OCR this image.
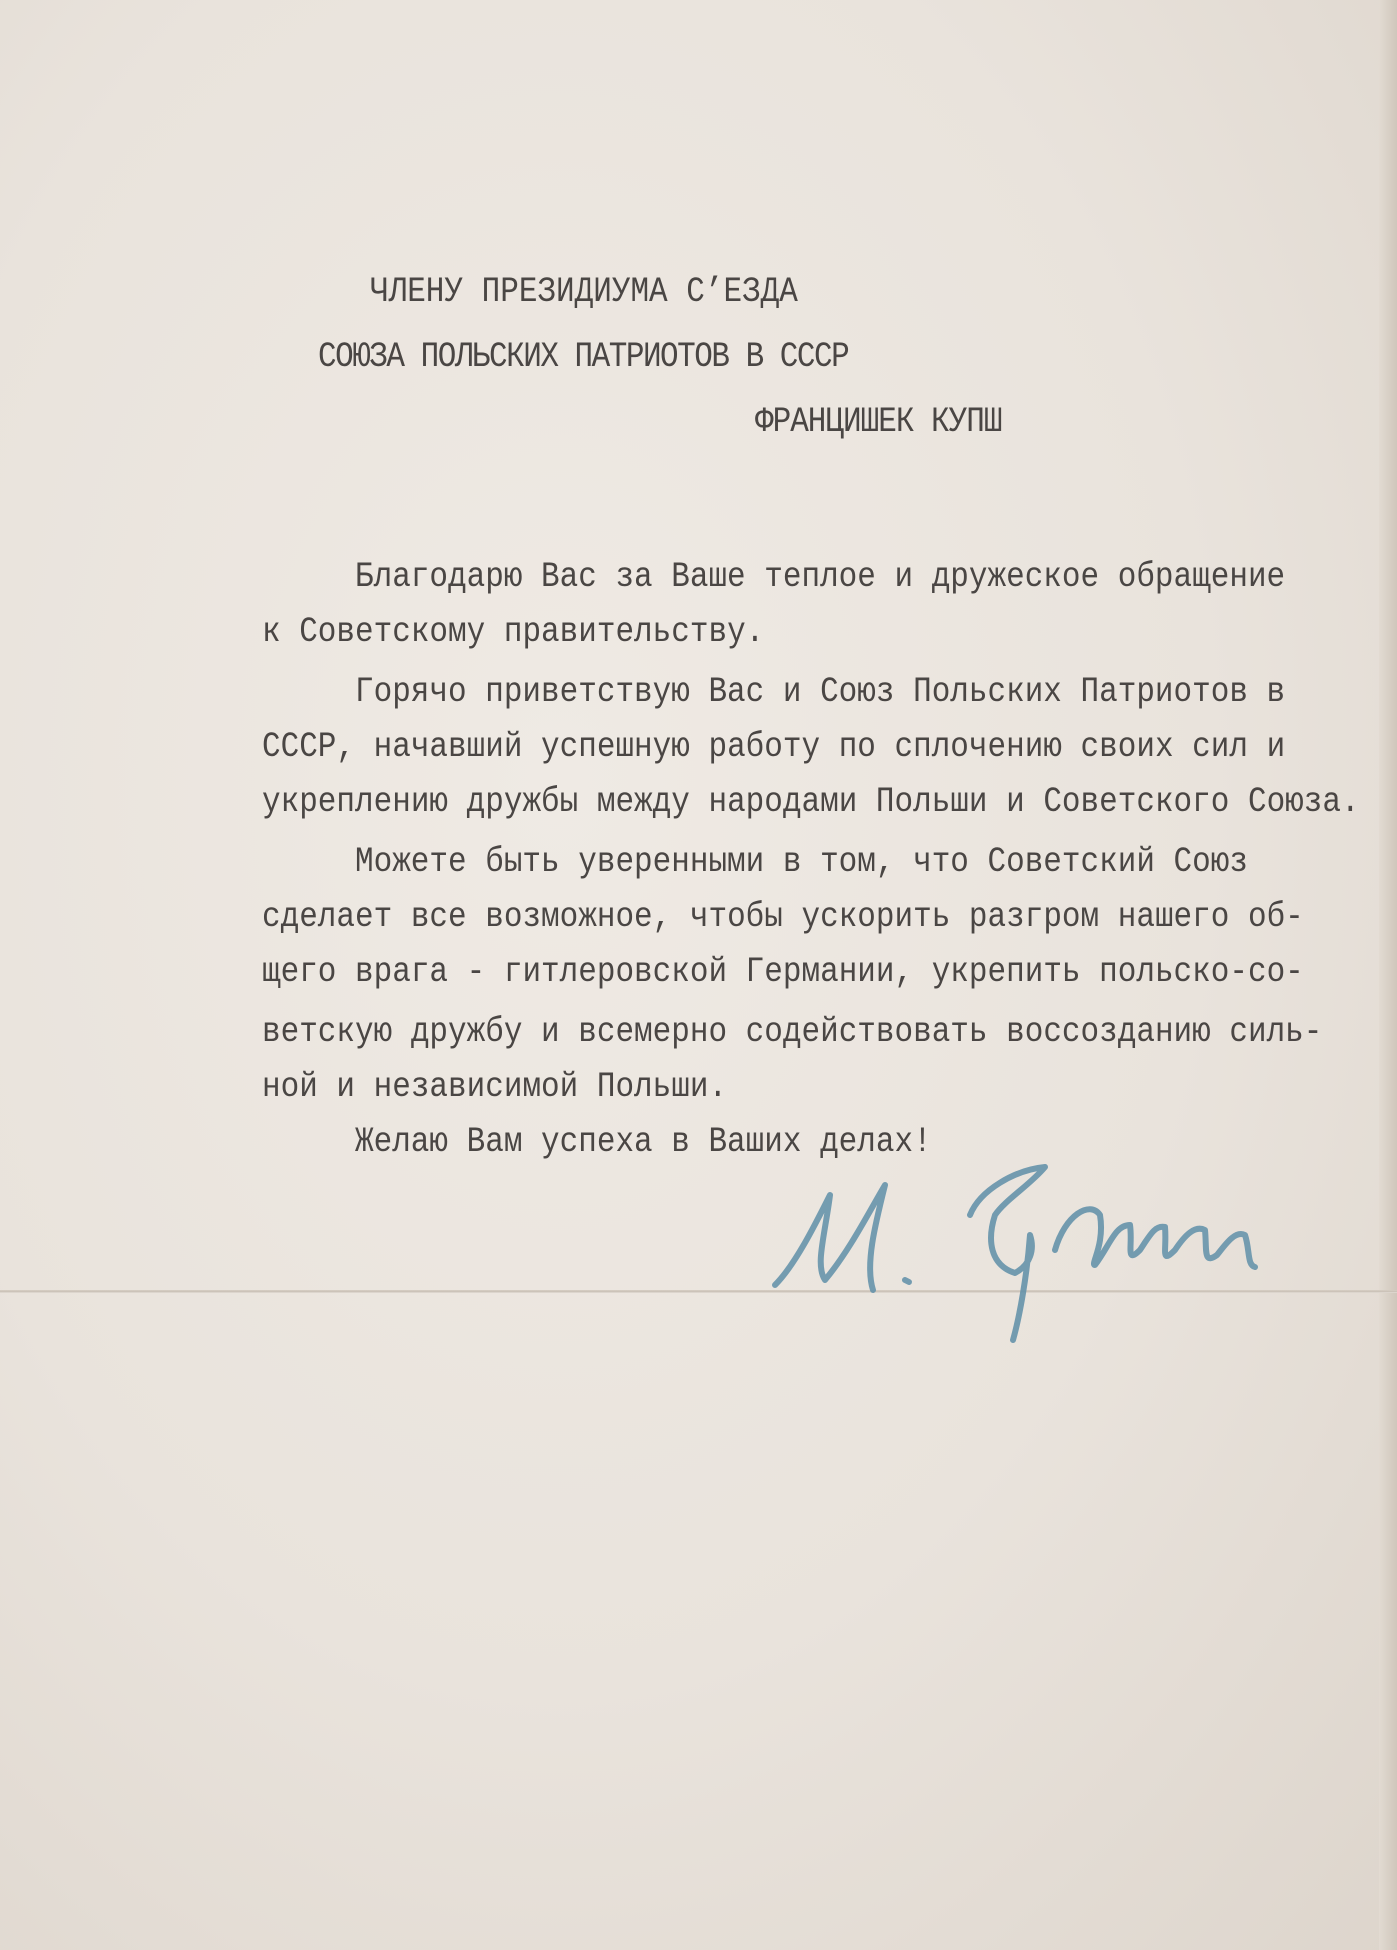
ЧЛЕНУ ПРЕЗИДИУМА С’ЕЗДА
СОЮЗА ПОЛЬСКИХ ПАТРИОТОВ В СССР
ФРАНЦИШЕК КУПШ
Благодарю Вас за Ваше теплое и дружеское обращение
к Советскому правительству.
Горячо приветствую Вас и Союз Польских Патриотов в
СССР, начавший успешную работу по сплочению своих сил и
укреплению дружбы между народами Польши и Советского Союза.
Можете быть уверенными в том, что Советский Союз
сделает все возможное, чтобы ускорить разгром нашего об-
щего врага - гитлеровской Германии, укрепить польско-со-
ветскую дружбу и всемерно содействовать воссозданию силь-
ной и независимой Польши.
Желаю Вам успеха в Ваших делах!
